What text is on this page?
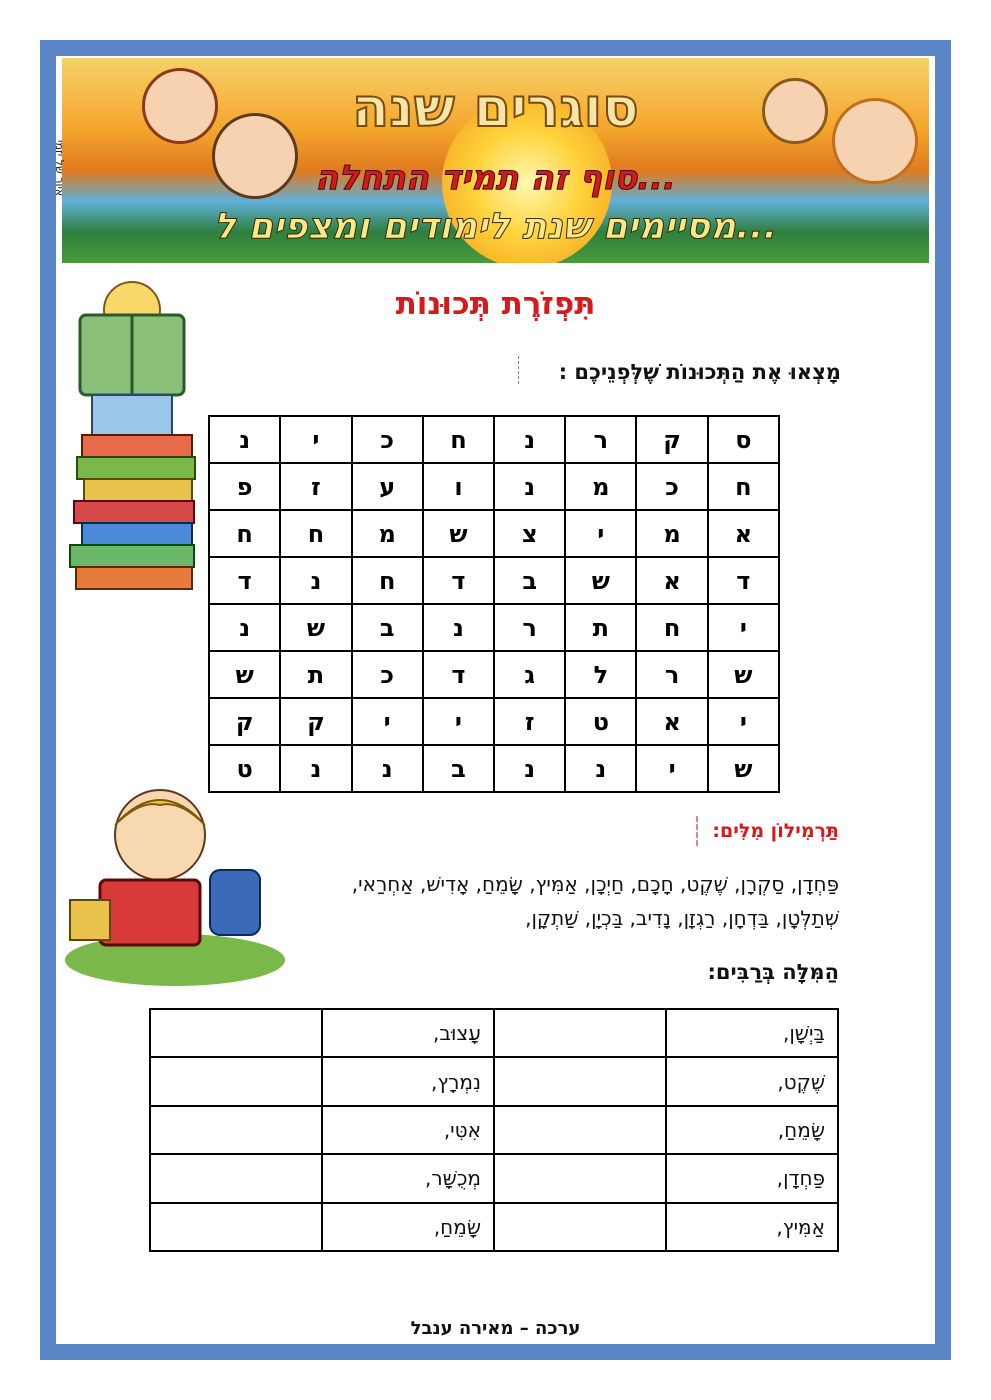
סוגרים שנה
סוף זה תמיד התחלה...
מסיימים שנת לימודים ומצפים ל...
איור של יזמי
תִּפְזֹרֶת תְּכוּנוֹת
מָצְאוּ אֶת הַתְּכוּנוֹת שֶׁלְּפְנֵיכֶם :
ס	ק	ר	נ	ח	כ	י	נ
ח	כ	מ	נ	ו	ע	ז	פ
א	מ	י	צ	ש	מ	ח	ח
ד	א	ש	ב	ד	ח	נ	ד
י	ח	ת	ר	נ	ב	ש	נ
ש	ר	ל	ג	ד	כ	ת	ש
י	א	ט	ז	י	י	ק	ק
ש	י	נ	נ	ב	נ	נ	ט
תַּרְמִילוֹן מִלִּים:
פַּחְדָן, סַקְרָן, שֶׁקֶט, חָכָם, חַיְכָן, אַמִּיץ, שָׂמֵחַ, אָדִישׁ, אַחְרַאי,
שְׁתַלְּטָן, בַּדְחָן, רַגְזָן, נָדִיב, בַּכְיָן, שַׁתְקָן,
הַמִּלָּה בְּרַבִּים:
בַּיְשָׁן,		עָצוּב,	
שֶׁקֶט,		נִמְרָץ,	
שָׂמֵחַ,		אִטִּי,	
פַּחְדָן,		מְכֻשָּׁר,	
אַמִּיץ,		שָׂמֵחַ,	
ערכה – מאירה ענבל
